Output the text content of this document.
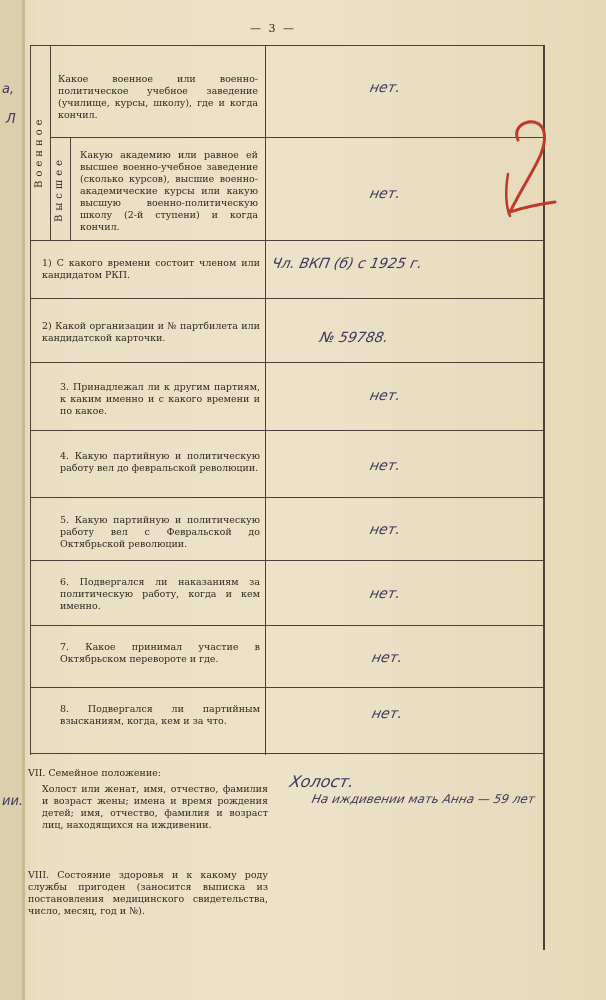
а,
Л
ии.
— 3 —
Военное
Высшее
Какое военное или военно-политическое учебное заведение (училище, курсы, школу), где и когда кончил.
нет.
Какую академию или равное ей высшее военно-учебное заведение (сколько курсов), высшие военно-академические курсы или какую высшую военно-политическую школу (2-й ступени) и когда кончил.
нет.
1) С какого времени состоит членом или кандидатом РКП.
Чл. ВКП (б) с 1925 г.
2) Какой организации и № партбилета или кандидатской карточки.	№ 59788.
3. Принадлежал ли к другим партиям, к каким именно и с какого времени и по какое.
нет.
4. Какую партийную и политическую работу вел до февральской революции.	нет.
5. Какую партийную и политическую работу вел с Февральской до Октябрьской революции.
нет.
6. Подвергался ли наказаниям за политическую работу, когда и кем именно.
нет.
7. Какое принимал участие в Октябрьском перевороте и где.	нет.
8. Подвергался ли партийным взысканиям, когда, кем и за что.	нет.
VII. Семейное положение:
Холост или женат, имя, отчество, фамилия и возраст жены; имена и время рождения детей; имя, отчество, фамилия и возраст лиц, находящихся на иждивении.
Холост.
На иждивении мать Анна — 59 лет
VIII. Состояние здоровья и к какому роду службы пригоден (заносится выписка из постановления медицинского свидетельства, число, месяц, год и №).
